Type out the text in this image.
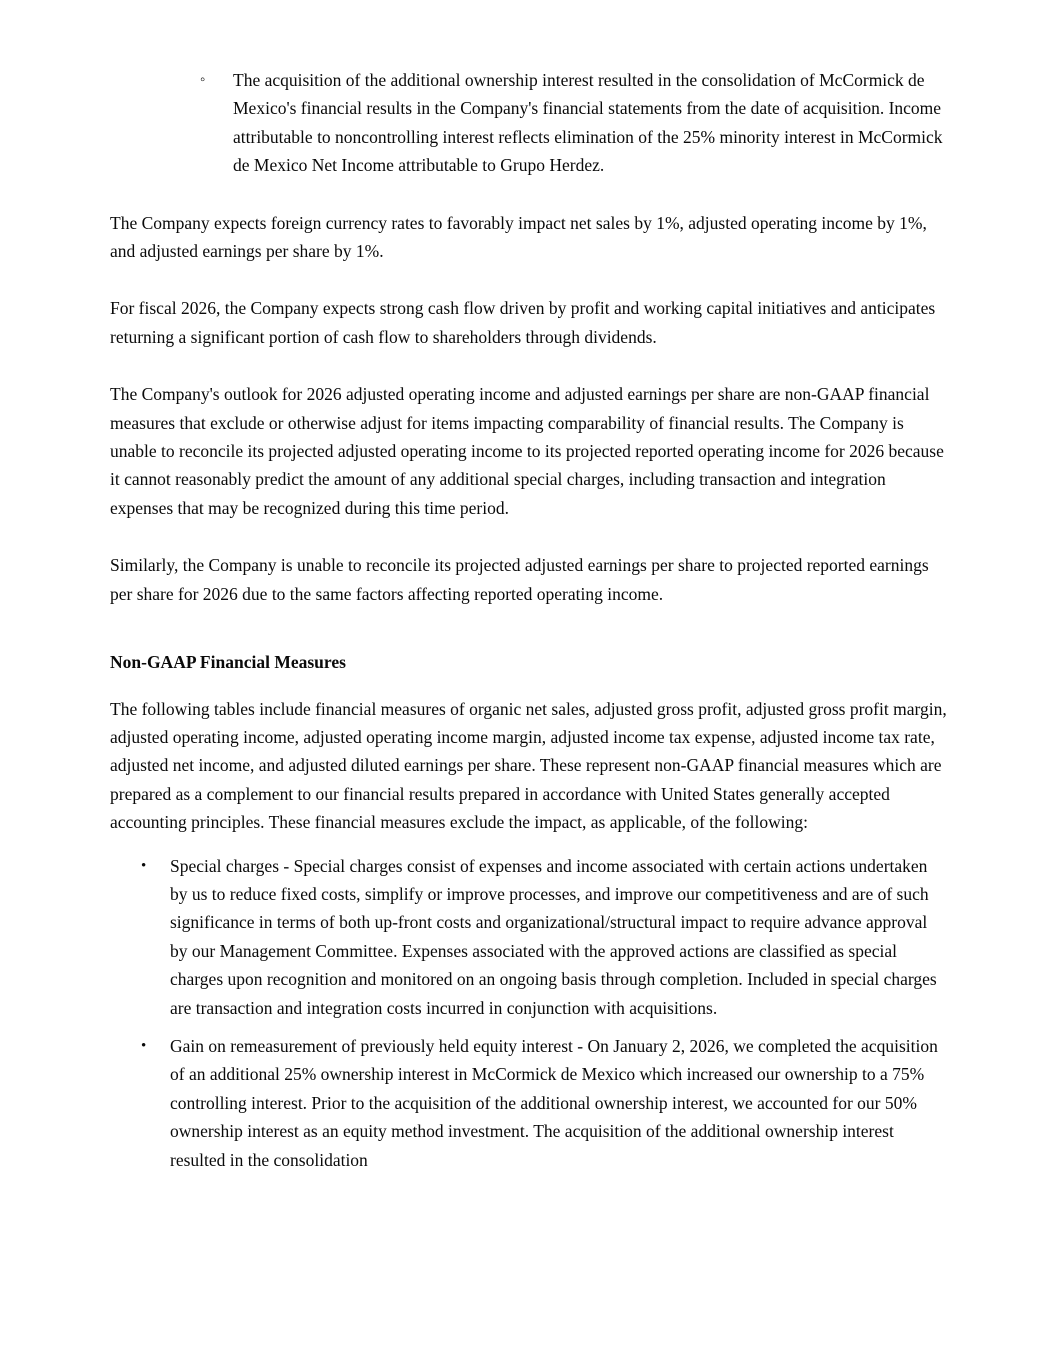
◦	The acquisition of the additional ownership interest resulted in the consolidation of McCormick de Mexico's financial results in the Company's financial statements from the date of acquisition. Income attributable to noncontrolling interest reflects elimination of the 25% minority interest in McCormick de Mexico Net Income attributable to Grupo Herdez.

The Company expects foreign currency rates to favorably impact net sales by 1%, adjusted operating income by 1%, and adjusted earnings per share by 1%.

For fiscal 2026, the Company expects strong cash flow driven by profit and working capital initiatives and anticipates returning a significant portion of cash flow to shareholders through dividends.

The Company's outlook for 2026 adjusted operating income and adjusted earnings per share are non-GAAP financial measures that exclude or otherwise adjust for items impacting comparability of financial results. The Company is unable to reconcile its projected adjusted operating income to its projected reported operating income for 2026 because it cannot reasonably predict the amount of any additional special charges, including transaction and integration expenses that may be recognized during this time period.

Similarly, the Company is unable to reconcile its projected adjusted earnings per share to projected reported earnings per share for 2026 due to the same factors affecting reported operating income.

Non-GAAP Financial Measures

The following tables include financial measures of organic net sales, adjusted gross profit, adjusted gross profit margin, adjusted operating income, adjusted operating income margin, adjusted income tax expense, adjusted income tax rate, adjusted net income, and adjusted diluted earnings per share. These represent non-GAAP financial measures which are prepared as a complement to our financial results prepared in accordance with United States generally accepted accounting principles. These financial measures exclude the impact, as applicable, of the following:

•	Special charges - Special charges consist of expenses and income associated with certain actions undertaken by us to reduce fixed costs, simplify or improve processes, and improve our competitiveness and are of such significance in terms of both up-front costs and organizational/structural impact to require advance approval by our Management Committee. Expenses associated with the approved actions are classified as special charges upon recognition and monitored on an ongoing basis through completion. Included in special charges are transaction and integration costs incurred in conjunction with acquisitions.
•	Gain on remeasurement of previously held equity interest - On January 2, 2026, we completed the acquisition of an additional 25% ownership interest in McCormick de Mexico which increased our ownership to a 75% controlling interest. Prior to the acquisition of the additional ownership interest, we accounted for our 50% ownership interest as an equity method investment. The acquisition of the additional ownership interest resulted in the consolidation
